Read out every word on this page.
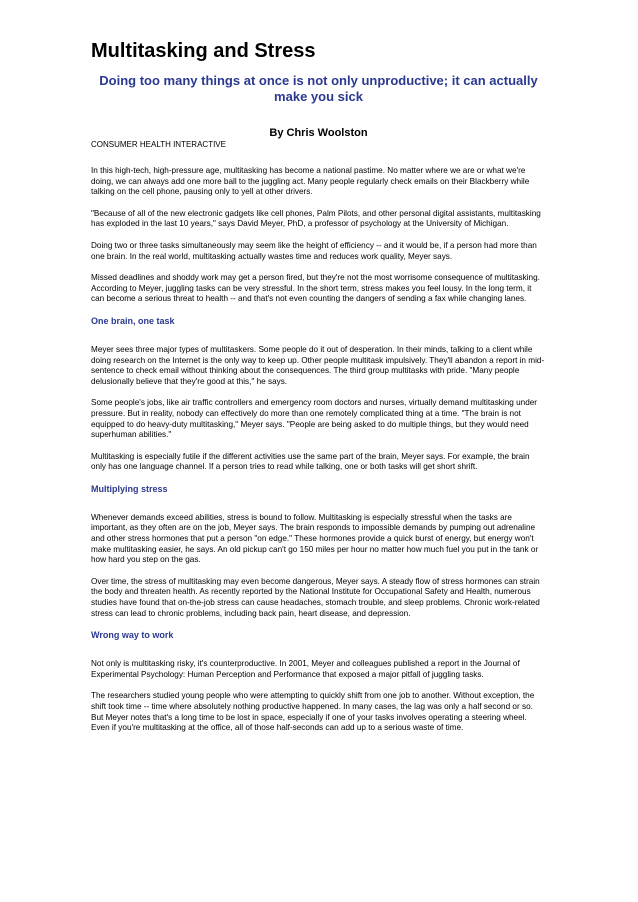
Multitasking and Stress
Doing too many things at once is not only unproductive; it can actually make you sick

By Chris Woolston

CONSUMER HEALTH INTERACTIVE

In this high-tech, high-pressure age, multitasking has become a national pastime. No matter where we are or what we're doing, we can always add one more ball to the juggling act. Many people regularly check emails on their Blackberry while talking on the cell phone, pausing only to yell at other drivers.

"Because of all of the new electronic gadgets like cell phones, Palm Pilots, and other personal digital assistants, multitasking has exploded in the last 10 years," says David Meyer, PhD, a professor of psychology at the University of Michigan.

Doing two or three tasks simultaneously may seem like the height of efficiency -- and it would be, if a person had more than one brain. In the real world, multitasking actually wastes time and reduces work quality, Meyer says.

Missed deadlines and shoddy work may get a person fired, but they're not the most worrisome consequence of multitasking. According to Meyer, juggling tasks can be very stressful. In the short term, stress makes you feel lousy. In the long term, it can become a serious threat to health -- and that's not even counting the dangers of sending a fax while changing lanes.

One brain, one task

Meyer sees three major types of multitaskers. Some people do it out of desperation. In their minds, talking to a client while doing research on the Internet is the only way to keep up. Other people multitask impulsively. They'll abandon a report in mid-sentence to check email without thinking about the consequences. The third group multitasks with pride. "Many people delusionally believe that they're good at this," he says.

Some people's jobs, like air traffic controllers and emergency room doctors and nurses, virtually demand multitasking under pressure. But in reality, nobody can effectively do more than one remotely complicated thing at a time. "The brain is not equipped to do heavy-duty multitasking," Meyer says. "People are being asked to do multiple things, but they would need superhuman abilities."

Multitasking is especially futile if the different activities use the same part of the brain, Meyer says. For example, the brain only has one language channel. If a person tries to read while talking, one or both tasks will get short shrift.

Multiplying stress

Whenever demands exceed abilities, stress is bound to follow. Multitasking is especially stressful when the tasks are important, as they often are on the job, Meyer says. The brain responds to impossible demands by pumping out adrenaline and other stress hormones that put a person "on edge." These hormones provide a quick burst of energy, but energy won't make multitasking easier, he says. An old pickup can't go 150 miles per hour no matter how much fuel you put in the tank or how hard you step on the gas.

Over time, the stress of multitasking may even become dangerous, Meyer says. A steady flow of stress hormones can strain the body and threaten health. As recently reported by the National Institute for Occupational Safety and Health, numerous studies have found that on-the-job stress can cause headaches, stomach trouble, and sleep problems. Chronic work-related stress can lead to chronic problems, including back pain, heart disease, and depression.

Wrong way to work

Not only is multitasking risky, it's counterproductive. In 2001, Meyer and colleagues published a report in the Journal of Experimental Psychology: Human Perception and Performance that exposed a major pitfall of juggling tasks.

The researchers studied young people who were attempting to quickly shift from one job to another. Without exception, the shift took time -- time where absolutely nothing productive happened. In many cases, the lag was only a half second or so. But Meyer notes that's a long time to be lost in space, especially if one of your tasks involves operating a steering wheel. Even if you're multitasking at the office, all of those half-seconds can add up to a serious waste of time.
